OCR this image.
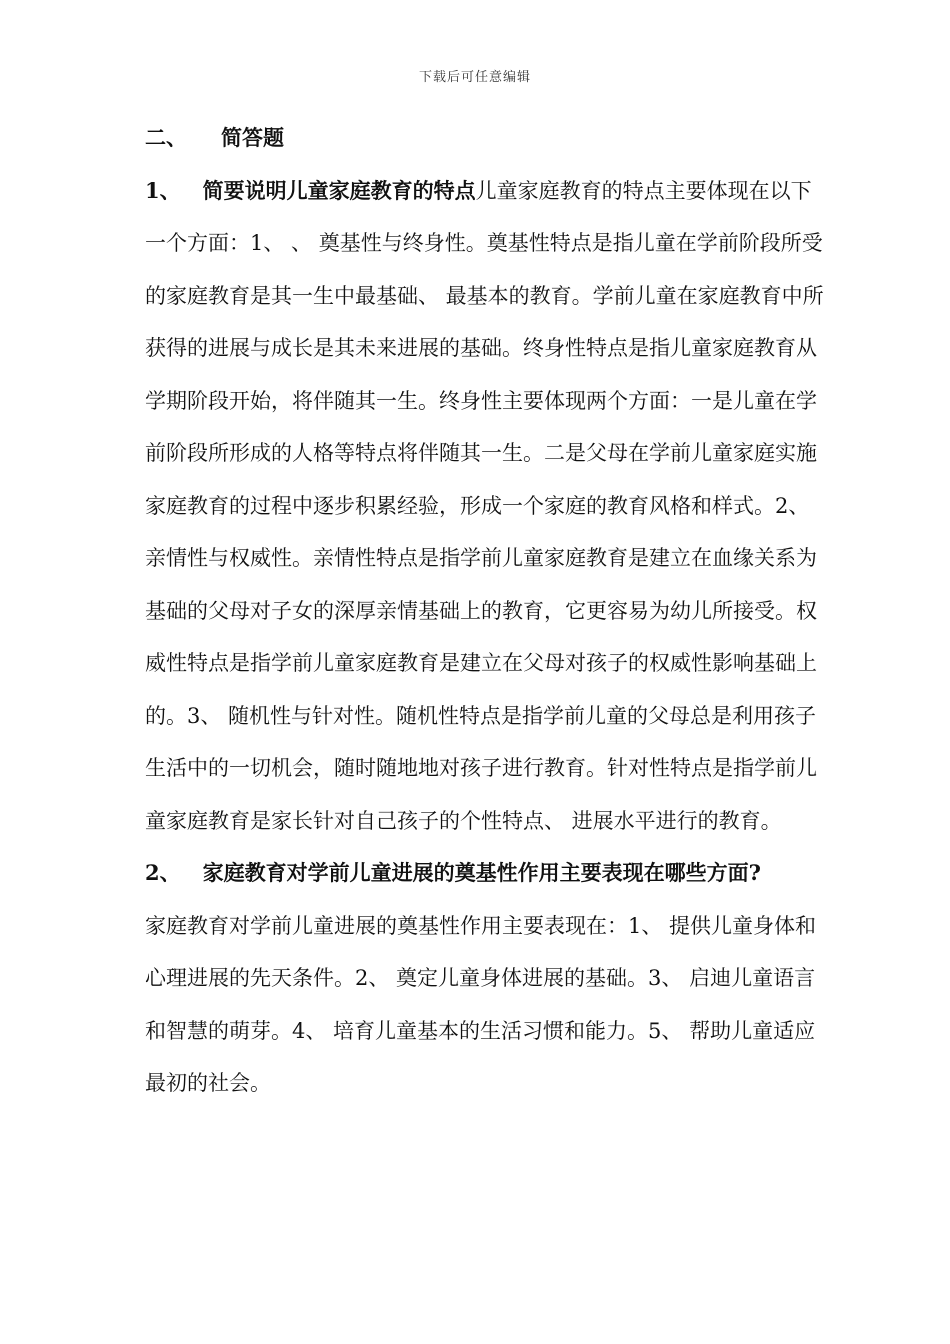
下载后可任意编辑
二、 简答题

1、 简要说明儿童家庭教育的特点儿童家庭教育的特点主要体现在以下一个方面：1、 、 奠基性与终身性。奠基性特点是指儿童在学前阶段所受的家庭教育是其一生中最基础、 最基本的教育。学前儿童在家庭教育中所获得的进展与成长是其未来进展的基础。终身性特点是指儿童家庭教育从学期阶段开始，将伴随其一生。终身性主要体现两个方面：一是儿童在学前阶段所形成的人格等特点将伴随其一生。二是父母在学前儿童家庭实施家庭教育的过程中逐步积累经验，形成一个家庭的教育风格和样式。2、 亲情性与权威性。亲情性特点是指学前儿童家庭教育是建立在血缘关系为基础的父母对子女的深厚亲情基础上的教育，它更容易为幼儿所接受。权威性特点是指学前儿童家庭教育是建立在父母对孩子的权威性影响基础上的。3、 随机性与针对性。随机性特点是指学前儿童的父母总是利用孩子生活中的一切机会，随时随地地对孩子进行教育。针对性特点是指学前儿童家庭教育是家长针对自己孩子的个性特点、 进展水平进行的教育。

2、 家庭教育对学前儿童进展的奠基性作用主要表现在哪些方面?

家庭教育对学前儿童进展的奠基性作用主要表现在：1、 提供儿童身体和心理进展的先天条件。2、 奠定儿童身体进展的基础。3、 启迪儿童语言和智慧的萌芽。4、 培育儿童基本的生活习惯和能力。5、 帮助儿童适应最初的社会。
